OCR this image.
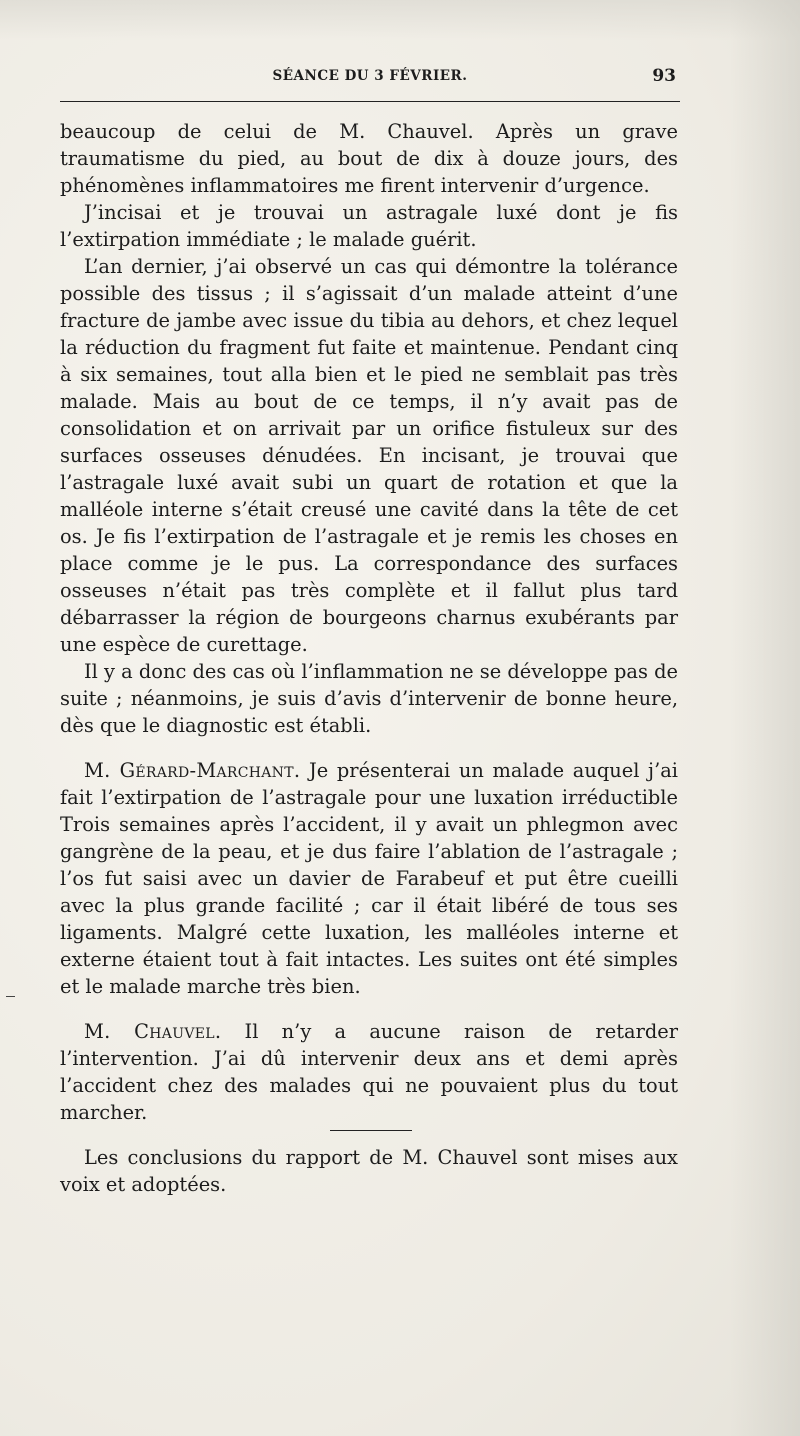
SÉANCE DU 3 FÉVRIER.	93

beaucoup de celui de M. Chauvel. Après un grave traumatisme du pied, au bout de dix à douze jours, des phénomènes inflammatoires me firent intervenir d’urgence.

J’incisai et je trouvai un astragale luxé dont je fis l’extirpation immédiate ; le malade guérit.

L’an dernier, j’ai observé un cas qui démontre la tolérance possible des tissus ; il s’agissait d’un malade atteint d’une fracture de jambe avec issue du tibia au dehors, et chez lequel la réduction du fragment fut faite et maintenue. Pendant cinq à six semaines, tout alla bien et le pied ne semblait pas très malade. Mais au bout de ce temps, il n’y avait pas de consolidation et on arrivait par un orifice fistuleux sur des surfaces osseuses dénudées. En incisant, je trouvai que l’astragale luxé avait subi un quart de rotation et que la malléole interne s’était creusé une cavité dans la tête de cet os. Je fis l’extirpation de l’astragale et je remis les choses en place comme je le pus. La correspondance des surfaces osseuses n’était pas très complète et il fallut plus tard débarrasser la région de bourgeons charnus exubérants par une espèce de curettage.

Il y a donc des cas où l’inflammation ne se développe pas de suite ; néanmoins, je suis d’avis d’intervenir de bonne heure, dès que le diagnostic est établi.

M. Gérard-Marchant. Je présenterai un malade auquel j’ai fait l’extirpation de l’astragale pour une luxation irréductible Trois semaines après l’accident, il y avait un phlegmon avec gangrène de la peau, et je dus faire l’ablation de l’astragale ; l’os fut saisi avec un davier de Farabeuf et put être cueilli avec la plus grande facilité ; car il était libéré de tous ses ligaments. Malgré cette luxation, les malléoles interne et externe étaient tout à fait intactes. Les suites ont été simples et le malade marche très bien.

M. Chauvel. Il n’y a aucune raison de retarder l’intervention. J’ai dû intervenir deux ans et demi après l’accident chez des malades qui ne pouvaient plus du tout marcher.

Les conclusions du rapport de M. Chauvel sont mises aux voix et adoptées.
